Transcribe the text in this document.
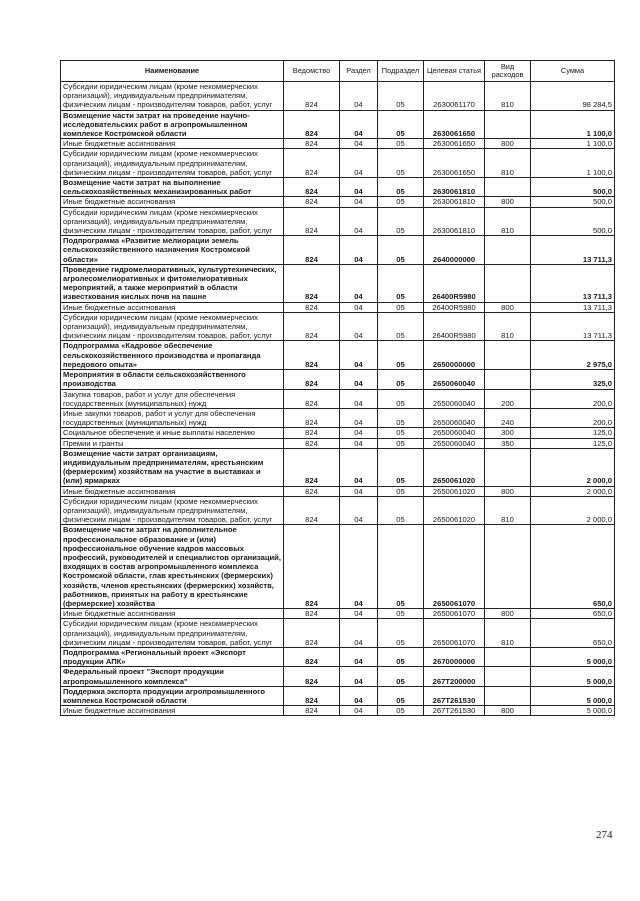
Наименование	Ведомство	Раздел	Подраздел	Целевая статья	Вид расходов	Сумма
Субсидии юридическим лицам (кроме некоммерческих организаций), индивидуальным предпринимателям, физическим лицам - производителям товаров, работ, услуг	824	04	05	2630061170	810	98 284,5
Возмещение части затрат на проведение научно-исследовательских работ в агропромышленном комплексе Костромской области	824	04	05	2630061650		1 100,0
Иные бюджетные ассигнования	824	04	05	2630061650	800	1 100,0
Субсидии юридическим лицам (кроме некоммерческих организаций), индивидуальным предпринимателям, физическим лицам - производителям товаров, работ, услуг	824	04	05	2630061650	810	1 100,0
Возмещение части затрат на выполнение сельскохозяйственных механизированных работ	824	04	05	2630061810		500,0
Иные бюджетные ассигнования	824	04	05	2630061810	800	500,0
Субсидии юридическим лицам (кроме некоммерческих организаций), индивидуальным предпринимателям, физическим лицам - производителям товаров, работ, услуг	824	04	05	2630061810	810	500,0
Подпрограмма «Развитие мелиорации земель сельскохозяйственного назначения Костромской области»	824	04	05	2640000000		13 711,3
Проведение гидромелиоративных, культуртехнических, агролесомелиоративных и фитомелиоративных мероприятий, а также мероприятий в области известкования кислых почв на пашне	824	04	05	26400R5980		13 711,3
Иные бюджетные ассигнования	824	04	05	26400R5980	800	13 711,3
Субсидии юридическим лицам (кроме некоммерческих организаций), индивидуальным предпринимателям, физическим лицам - производителям товаров, работ, услуг	824	04	05	26400R5980	810	13 711,3
Подпрограмма «Кадровое обеспечение сельскохозяйственного производства и пропаганда передового опыта»	824	04	05	2650000000		2 975,0
Мероприятия в области сельскохозяйственного производства	824	04	05	2650060040		325,0
Закупка товаров, работ и услуг для обеспечения государственных (муниципальных) нужд	824	04	05	2650060040	200	200,0
Иные закупки товаров, работ и услуг для обеспечения государственных (муниципальных) нужд	824	04	05	2650060040	240	200,0
Социальное обеспечение и иные выплаты населению	824	04	05	2650060040	300	125,0
Премии и гранты	824	04	05	2650060040	350	125,0
Возмещение части затрат организациям, индивидуальным предпринимателям, крестьянским (фермерским) хозяйствам на участие в выставках и (или) ярмарках	824	04	05	2650061020		2 000,0
Иные бюджетные ассигнования	824	04	05	2650061020	800	2 000,0
Субсидии юридическим лицам (кроме некоммерческих организаций), индивидуальным предпринимателям, физическим лицам - производителям товаров, работ, услуг	824	04	05	2650061020	810	2 000,0
Возмещение части затрат на дополнительное профессиональное образование и (или) профессиональное обучение кадров массовых профессий, руководителей и специалистов организаций, входящих в состав агропромышленного комплекса Костромской области, глав крестьянских (фермерских) хозяйств, членов крестьянских (фермерских) хозяйств, работников, принятых на работу в крестьянские (фермерские) хозяйства	824	04	05	2650061070		650,0
Иные бюджетные ассигнования	824	04	05	2650061070	800	650,0
Субсидии юридическим лицам (кроме некоммерческих организаций), индивидуальным предпринимателям, физическим лицам - производителям товаров, работ, услуг	824	04	05	2650061070	810	650,0
Подпрограмма «Региональный проект «Экспорт продукции АПК»	824	04	05	2670000000		5 000,0
Федеральный проект "Экспорт продукции агропромышленного комплекса"	824	04	05	267T200000		5 000,0
Поддержка экспорта продукции агропромышленного комплекса Костромской области	824	04	05	267T261530		5 000,0
Иные бюджетные ассигнования	824	04	05	267T261530	800	5 000,0
274
